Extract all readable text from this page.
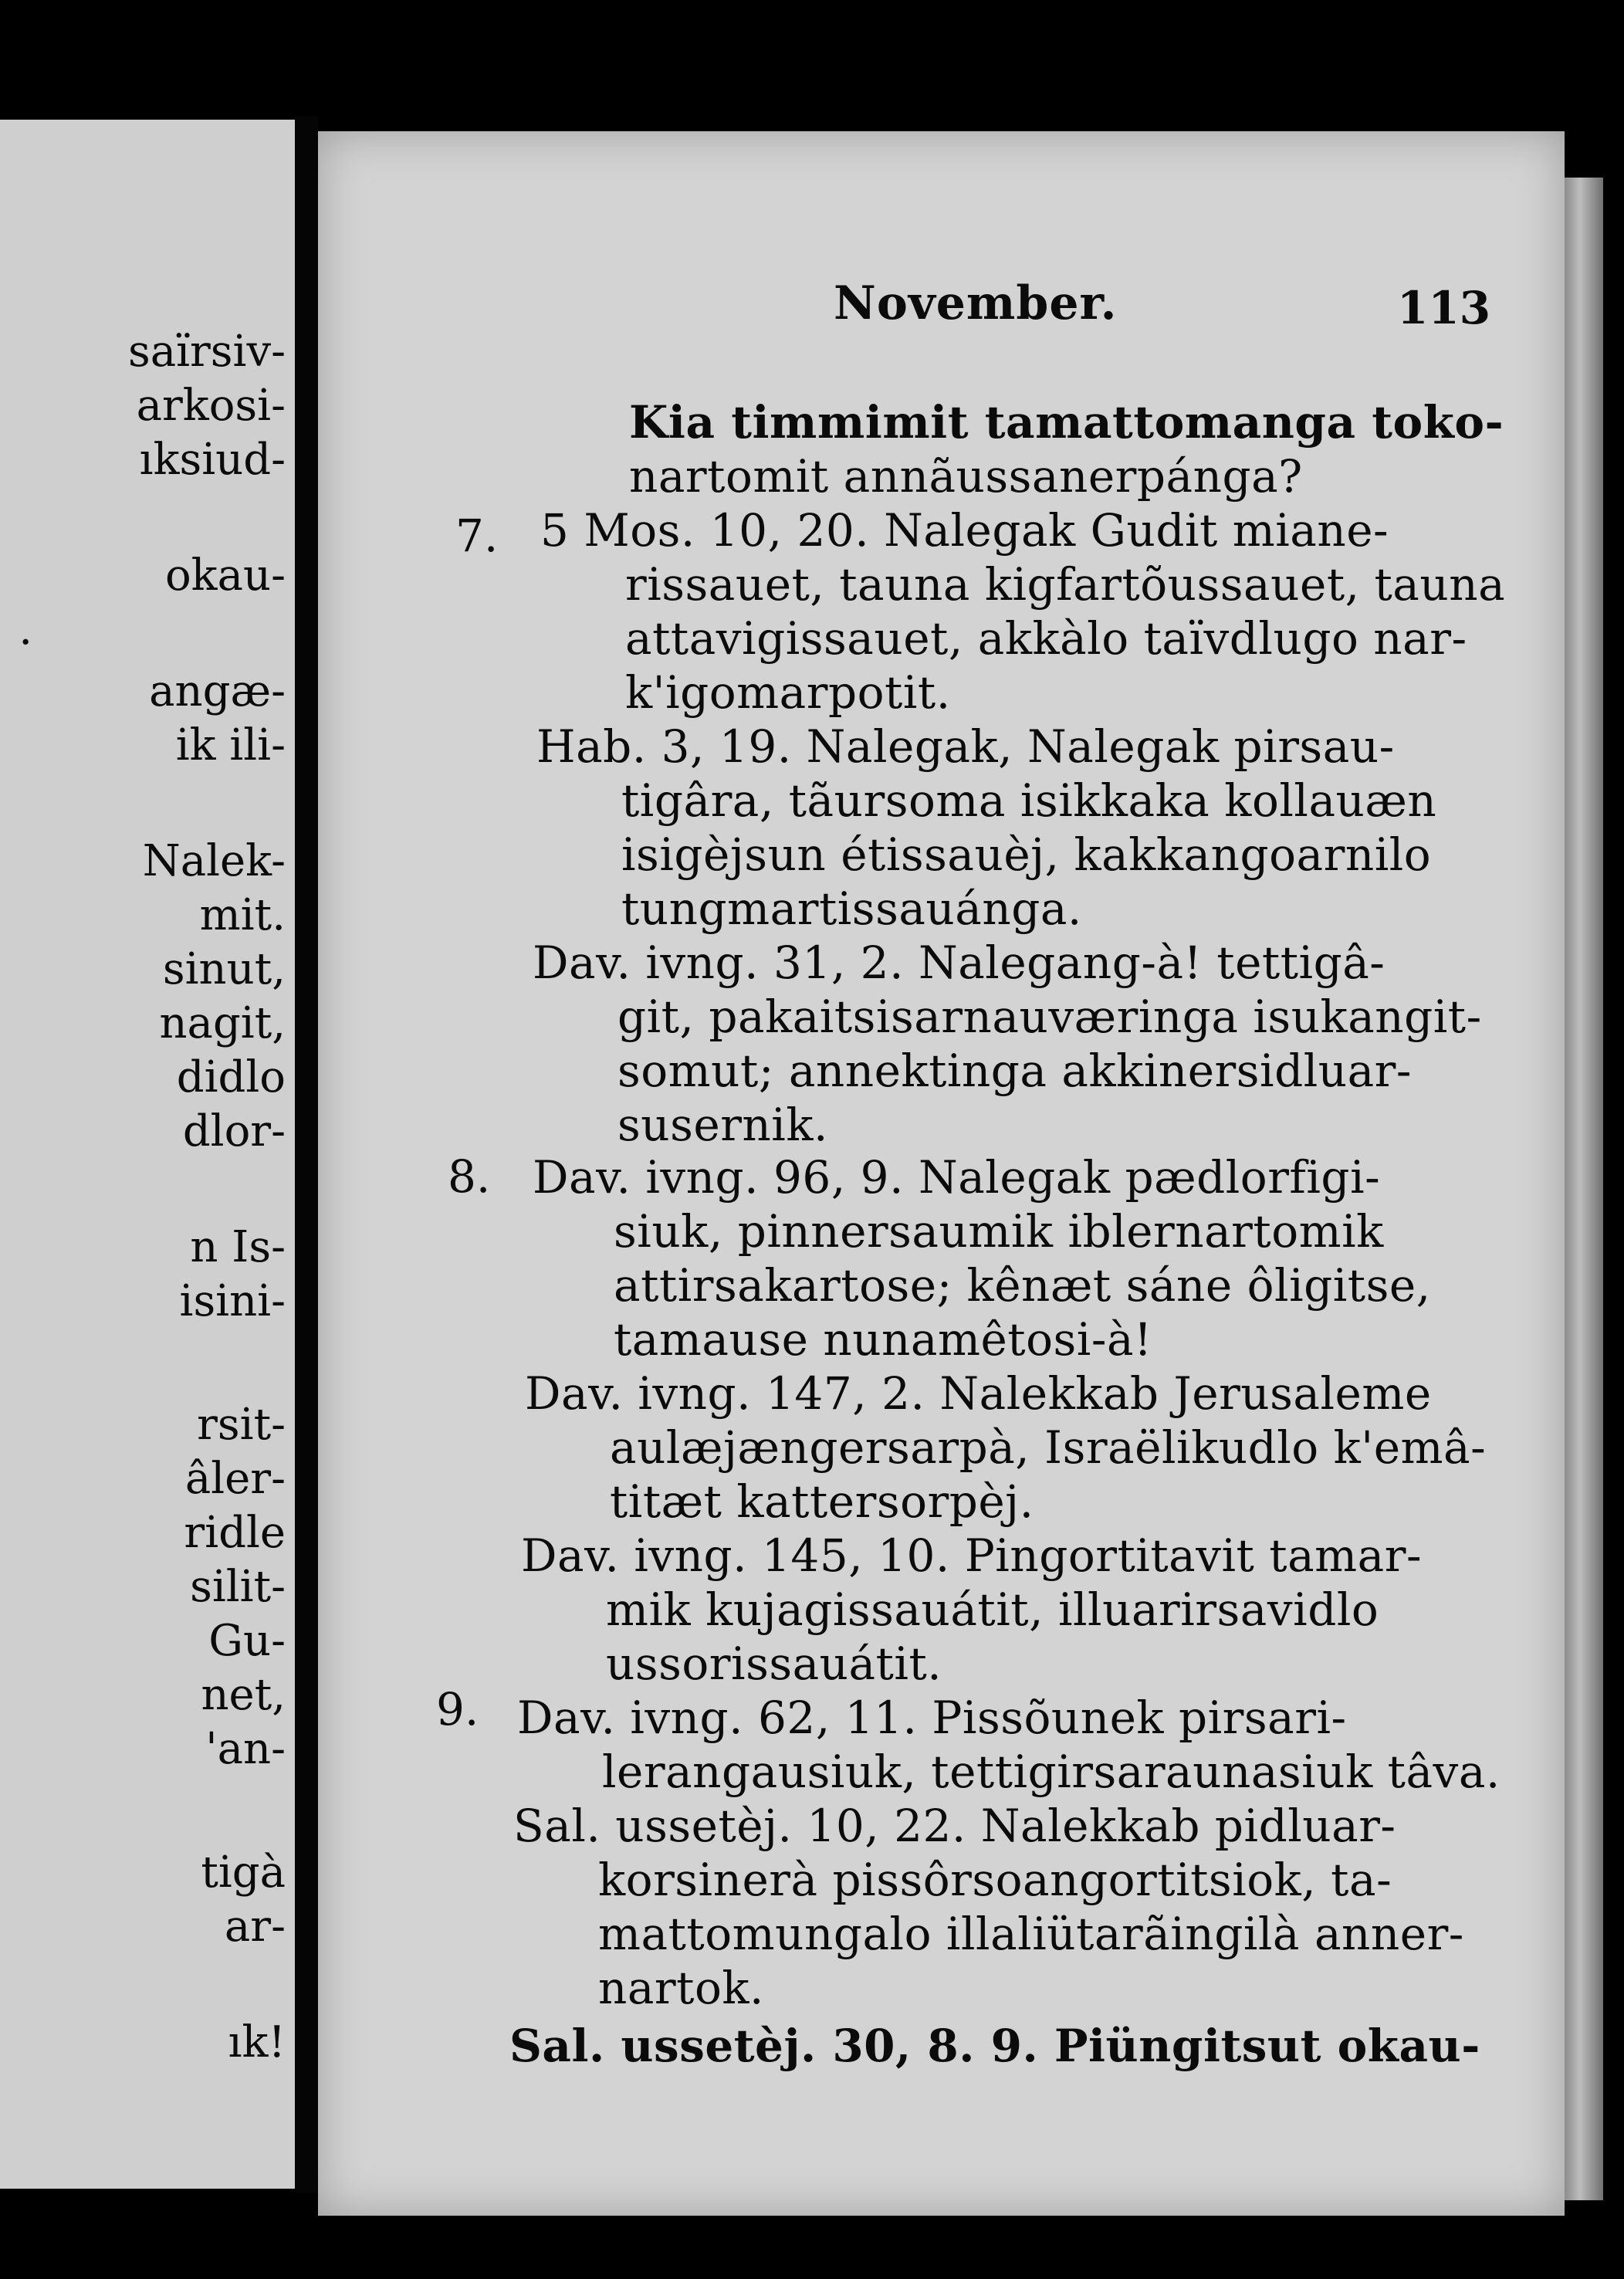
saïrsiv-
arkosi-
ıksiud-
okau-
.
angæ-
ik ili-
Nalek-
mit.
sinut,
nagit,
didlo
dlor-
n Is-
isini-
rsit-
âler-
ridle
silit-
Gu-
net,
'an-
tigà
ar-
ık!
November.	113
7.
8.
9.
Kia timmimit tamattomanga toko-
nartomit annãussanerpánga?
5 Mos. 10, 20. Nalegak Gudit miane-
rissauet, tauna kigfartõussauet, tauna
attavigissauet, akkàlo taïvdlugo nar-
k'igomarpotit.
Hab. 3, 19. Nalegak, Nalegak pirsau-
tigâra, tãursoma isikkaka kollauæn
isigèjsun étissauèj, kakkangoarnilo
tungmartissauánga.
Dav. ivng. 31, 2. Nalegang-à! tettigâ-
git, pakaitsisarnauværinga isukangit-
somut; annektinga akkinersidluar-
susernik.
Dav. ivng. 96, 9. Nalegak pædlorfigi-
siuk, pinnersaumik iblernartomik
attirsakartose; kênæt sáne ôligitse,
tamause nunamêtosi-à!
Dav. ivng. 147, 2. Nalekkab Jerusaleme
aulæjængersarpà, Israëlikudlo k'emâ-
titæt kattersorpèj.
Dav. ivng. 145, 10. Pingortitavit tamar-
mik kujagissauátit, illuarirsavidlo
ussorissauátit.
Dav. ivng. 62, 11. Pissõunek pirsari-
lerangausiuk, tettigirsaraunasiuk tâva.
Sal. ussetèj. 10, 22. Nalekkab pidluar-
korsinerà pissôrsoangortitsiok, ta-
mattomungalo illaliütarãingilà anner-
nartok.
Sal. ussetèj. 30, 8. 9. Piüngitsut okau-
